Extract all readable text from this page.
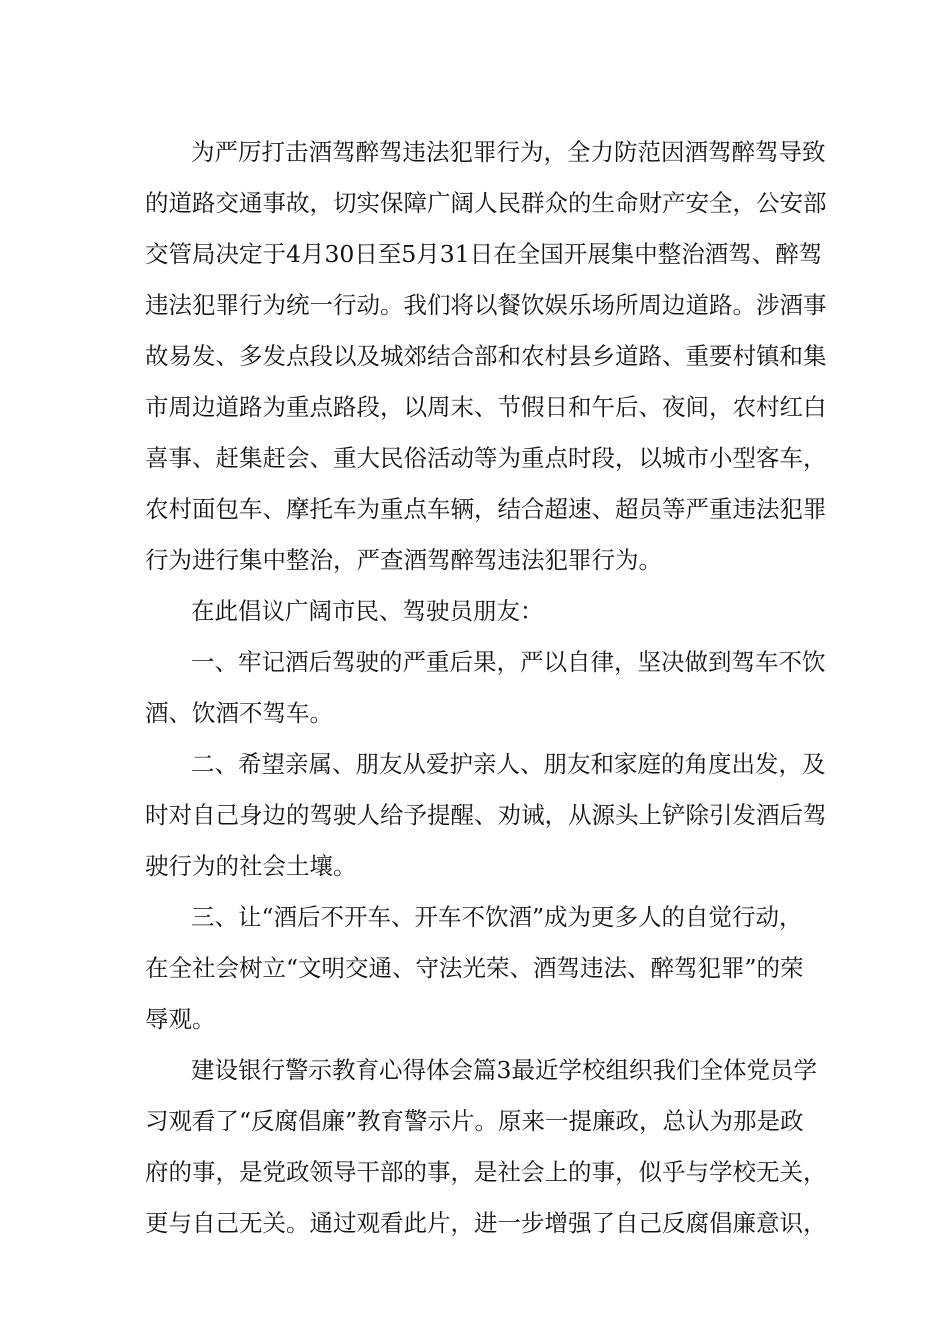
为严厉打击酒驾醉驾违法犯罪行为，全力防范因酒驾醉驾导致

的道路交通事故，切实保障广阔人民群众的生命财产安全，公安部

交管局决定于4月30日至5月31日在全国开展集中整治酒驾、醉驾

违法犯罪行为统一行动。我们将以餐饮娱乐场所周边道路。涉酒事

故易发、多发点段以及城郊结合部和农村县乡道路、重要村镇和集

市周边道路为重点路段，以周末、节假日和午后、夜间，农村红白

喜事、赶集赶会、重大民俗活动等为重点时段，以城市小型客车，

农村面包车、摩托车为重点车辆，结合超速、超员等严重违法犯罪

行为进行集中整治，严查酒驾醉驾违法犯罪行为。

在此倡议广阔市民、驾驶员朋友：

一、牢记酒后驾驶的严重后果，严以自律，坚决做到驾车不饮

酒、饮酒不驾车。

二、希望亲属、朋友从爱护亲人、朋友和家庭的角度出发，及

时对自己身边的驾驶人给予提醒、劝诫，从源头上铲除引发酒后驾

驶行为的社会土壤。

三、让“酒后不开车、开车不饮酒”成为更多人的自觉行动，

在全社会树立“文明交通、守法光荣、酒驾违法、醉驾犯罪”的荣

辱观。

建设银行警示教育心得体会篇3最近学校组织我们全体党员学

习观看了“反腐倡廉”教育警示片。原来一提廉政，总认为那是政

府的事，是党政领导干部的事，是社会上的事，似乎与学校无关，

更与自己无关。通过观看此片，进一步增强了自己反腐倡廉意识，
